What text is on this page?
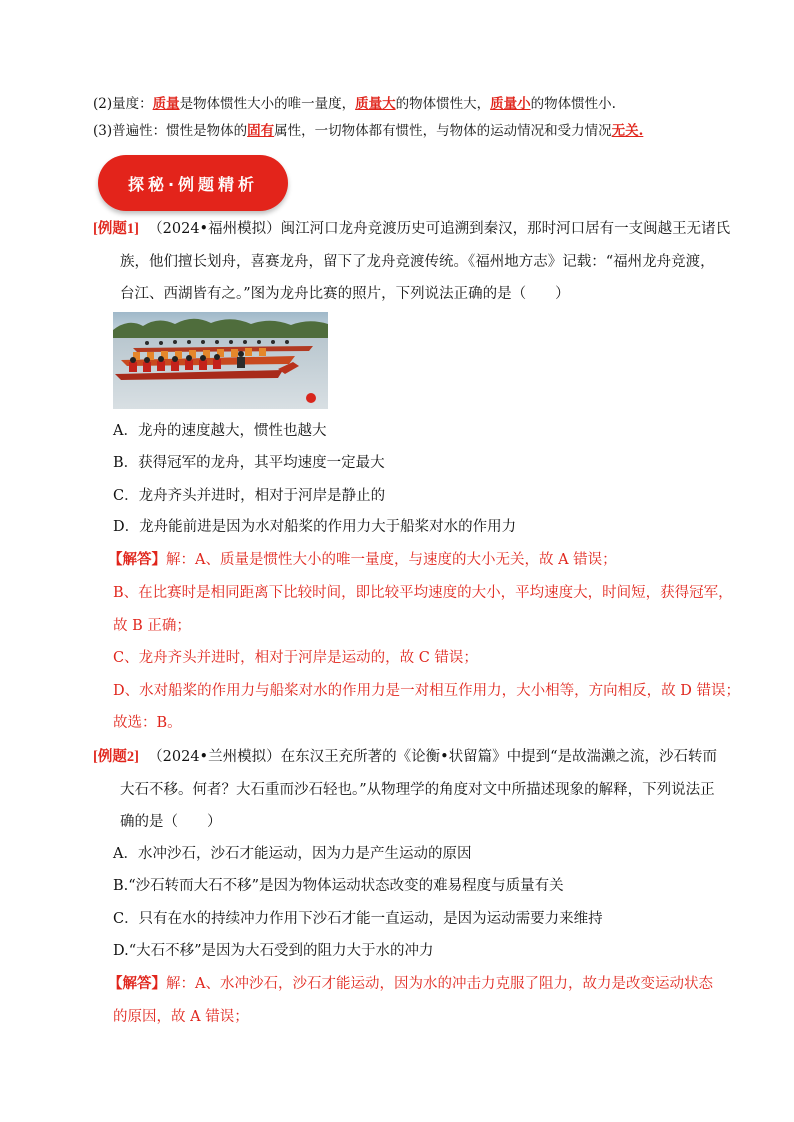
(2)量度：质量是物体惯性大小的唯一量度，质量大的物体惯性大，质量小的物体惯性小.
(3)普遍性：惯性是物体的固有属性，一切物体都有惯性，与物体的运动情况和受力情况无关.
探秘·例题精析
[例题1] （2024•福州模拟）闽江河口龙舟竞渡历史可追溯到秦汉，那时河口居有一支闽越王无诸氏
族，他们擅长划舟，喜赛龙舟，留下了龙舟竞渡传统。《福州地方志》记载：“福州龙舟竞渡，
台江、西湖皆有之。”图为龙舟比赛的照片，下列说法正确的是（　　）
A．龙舟的速度越大，惯性也越大
B．获得冠军的龙舟，其平均速度一定最大
C．龙舟齐头并进时，相对于河岸是静止的
D．龙舟能前进是因为水对船桨的作用力大于船桨对水的作用力
【解答】解：A、质量是惯性大小的唯一量度，与速度的大小无关，故 A 错误；
B、在比赛时是相同距离下比较时间，即比较平均速度的大小，平均速度大，时间短，获得冠军，
故 B 正确；
C、龙舟齐头并进时，相对于河岸是运动的，故 C 错误；
D、水对船桨的作用力与船桨对水的作用力是一对相互作用力，大小相等，方向相反，故 D 错误；
故选：B。
[例题2] （2024•兰州模拟）在东汉王充所著的《论衡•状留篇》中提到“是故湍濑之流，沙石转而
大石不移。何者？大石重而沙石轻也。”从物理学的角度对文中所描述现象的解释，下列说法正
确的是（　　）
A．水冲沙石，沙石才能运动，因为力是产生运动的原因
B.“沙石转而大石不移”是因为物体运动状态改变的难易程度与质量有关
C．只有在水的持续冲力作用下沙石才能一直运动，是因为运动需要力来维持
D.“大石不移”是因为大石受到的阻力大于水的冲力
【解答】解：A、水冲沙石，沙石才能运动，因为水的冲击力克服了阻力，故力是改变运动状态
的原因，故 A 错误；
